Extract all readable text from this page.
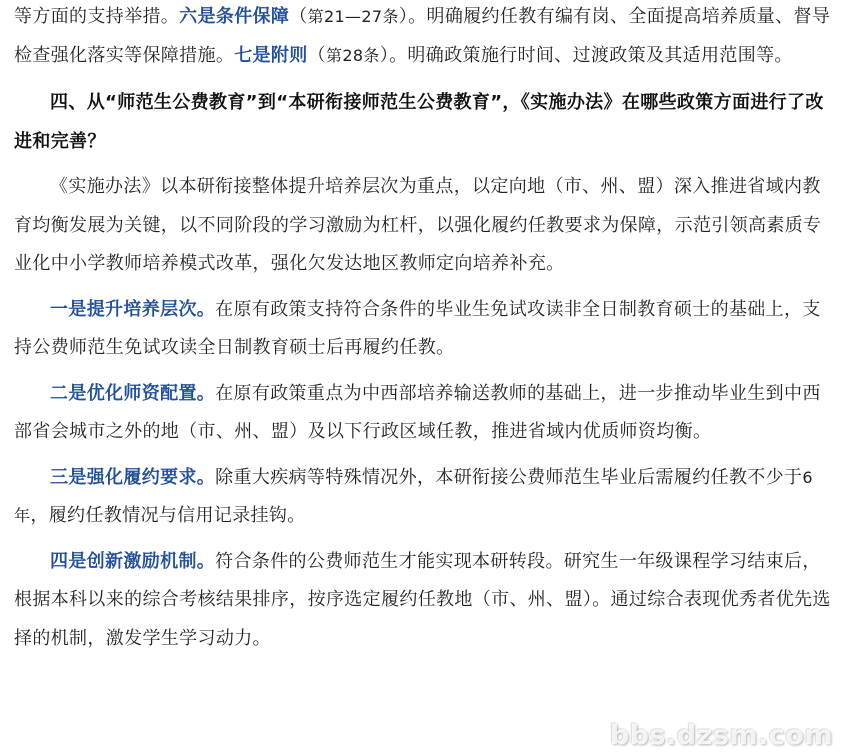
等方面的支持举措。六是条件保障（第21—27条）。明确履约任教有编有岗、全面提高培养质量、督导检查强化落实等保障措施。七是附则（第28条）。明确政策施行时间、过渡政策及其适用范围等。

四、从“师范生公费教育”到“本研衔接师范生公费教育”，《实施办法》在哪些政策方面进行了改进和完善？

《实施办法》以本研衔接整体提升培养层次为重点，以定向地（市、州、盟）深入推进省域内教育均衡发展为关键，以不同阶段的学习激励为杠杆，以强化履约任教要求为保障，示范引领高素质专业化中小学教师培养模式改革，强化欠发达地区教师定向培养补充。

一是提升培养层次。在原有政策支持符合条件的毕业生免试攻读非全日制教育硕士的基础上，支持公费师范生免试攻读全日制教育硕士后再履约任教。

二是优化师资配置。在原有政策重点为中西部培养输送教师的基础上，进一步推动毕业生到中西部省会城市之外的地（市、州、盟）及以下行政区域任教，推进省域内优质师资均衡。

三是强化履约要求。除重大疾病等特殊情况外，本研衔接公费师范生毕业后需履约任教不少于6年，履约任教情况与信用记录挂钩。

四是创新激励机制。符合条件的公费师范生才能实现本研转段。研究生一年级课程学习结束后，根据本科以来的综合考核结果排序，按序选定履约任教地（市、州、盟）。通过综合表现优秀者优先选择的机制，激发学生学习动力。

bbs.dzsm.com
